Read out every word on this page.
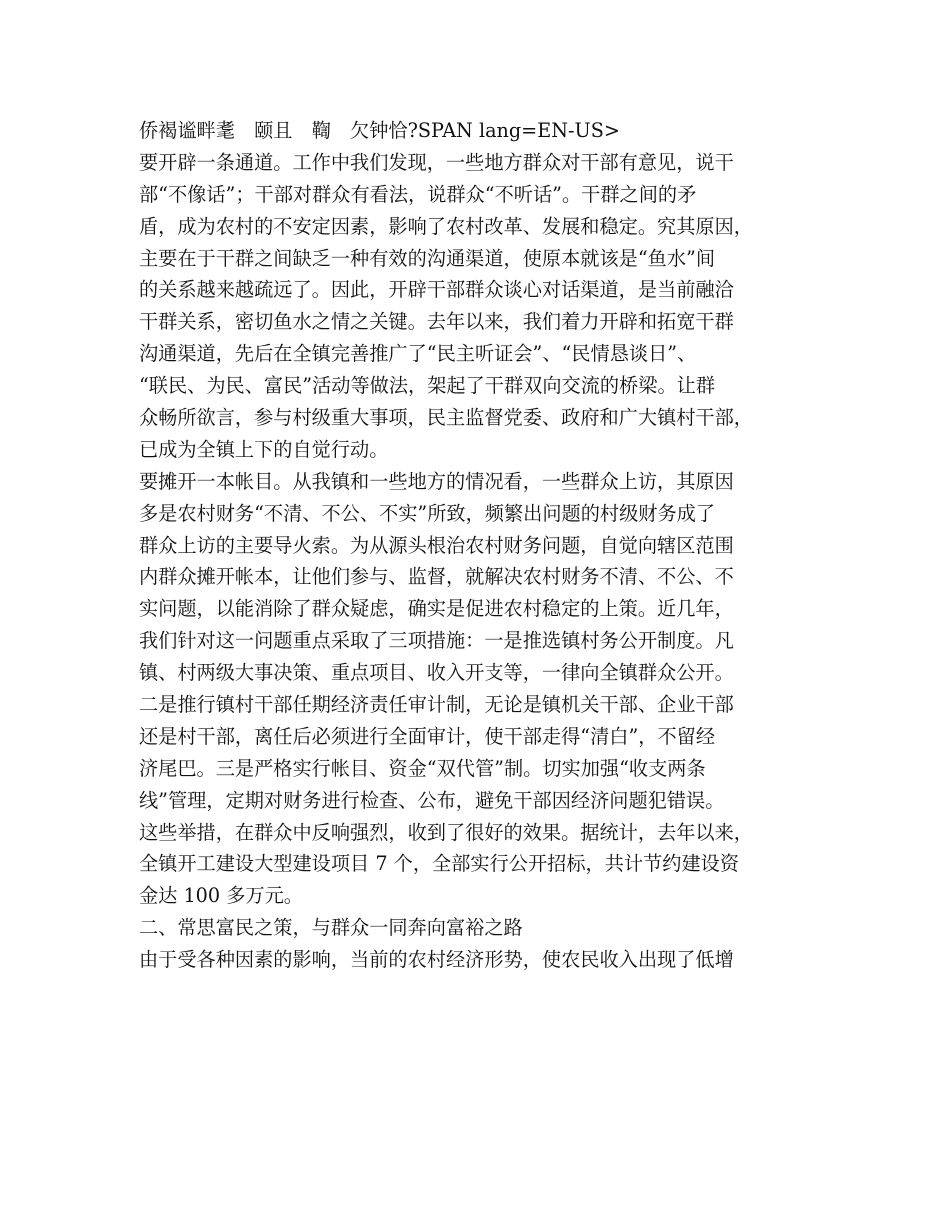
侨褐谧畔耄　颐且　鞫　欠钟恰?SPAN lang=EN-US>
要开辟一条通道。工作中我们发现，一些地方群众对干部有意见，说干
部“不像话”；干部对群众有看法，说群众“不听话”。干群之间的矛
盾，成为农村的不安定因素，影响了农村改革、发展和稳定。究其原因，
主要在于干群之间缺乏一种有效的沟通渠道，使原本就该是“鱼水”间
的关系越来越疏远了。因此，开辟干部群众谈心对话渠道，是当前融洽
干群关系，密切鱼水之情之关键。去年以来，我们着力开辟和拓宽干群
沟通渠道，先后在全镇完善推广了“民主听证会”、“民情恳谈日”、
“联民、为民、富民”活动等做法，架起了干群双向交流的桥梁。让群
众畅所欲言，参与村级重大事项，民主监督党委、政府和广大镇村干部，
已成为全镇上下的自觉行动。
要摊开一本帐目。从我镇和一些地方的情况看，一些群众上访，其原因
多是农村财务“不清、不公、不实”所致，频繁出问题的村级财务成了
群众上访的主要导火索。为从源头根治农村财务问题，自觉向辖区范围
内群众摊开帐本，让他们参与、监督，就解决农村财务不清、不公、不
实问题，以能消除了群众疑虑，确实是促进农村稳定的上策。近几年，
我们针对这一问题重点采取了三项措施：一是推选镇村务公开制度。凡
镇、村两级大事决策、重点项目、收入开支等，一律向全镇群众公开。
二是推行镇村干部任期经济责任审计制，无论是镇机关干部、企业干部
还是村干部，离任后必须进行全面审计，使干部走得“清白”，不留经
济尾巴。三是严格实行帐目、资金“双代管”制。切实加强“收支两条
线”管理，定期对财务进行检查、公布，避免干部因经济问题犯错误。
这些举措，在群众中反响强烈，收到了很好的效果。据统计，去年以来，
全镇开工建设大型建设项目 7 个，全部实行公开招标，共计节约建设资
金达 100 多万元。
二、常思富民之策，与群众一同奔向富裕之路
由于受各种因素的影响，当前的农村经济形势，使农民收入出现了低增
